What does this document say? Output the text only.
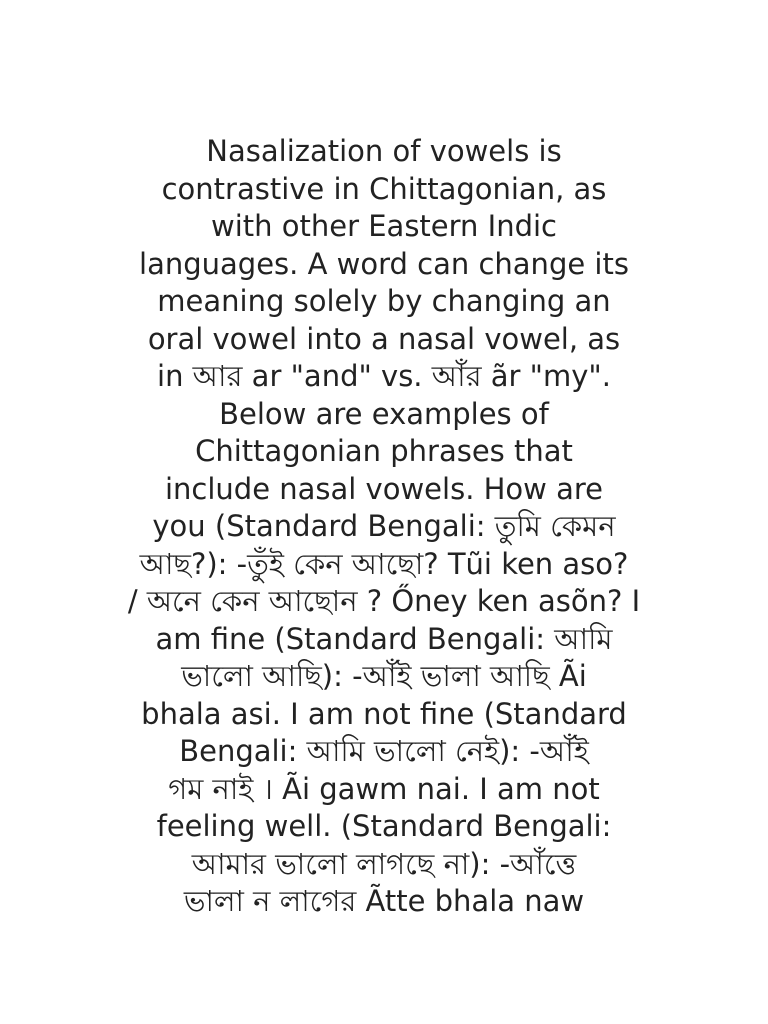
Nasalization of vowels is
contrastive in Chittagonian, as
with other Eastern Indic
languages. A word can change its
meaning solely by changing an
oral vowel into a nasal vowel, as
in আর ar "and" vs. আঁর ãr "my".
Below are examples of
Chittagonian phrases that
include nasal vowels. How are
you (Standard Bengali: তুমি কেমন
আছ?): -তুঁই কেন আছো? Tũi ken aso?
/ অনে কেন আছোন ? Őney ken asõn? I
am fine (Standard Bengali: আমি
ভালো আছি): -আঁই ভালা আছি Ãi
bhala asi. I am not fine (Standard
Bengali: আমি ভালো নেই): -আঁই
গম নাই । Ãi gawm nai. I am not
feeling well. (Standard Bengali:
আমার ভালো লাগছে না): -আঁত্তে
ভালা ন লাগের Ãtte bhala naw
